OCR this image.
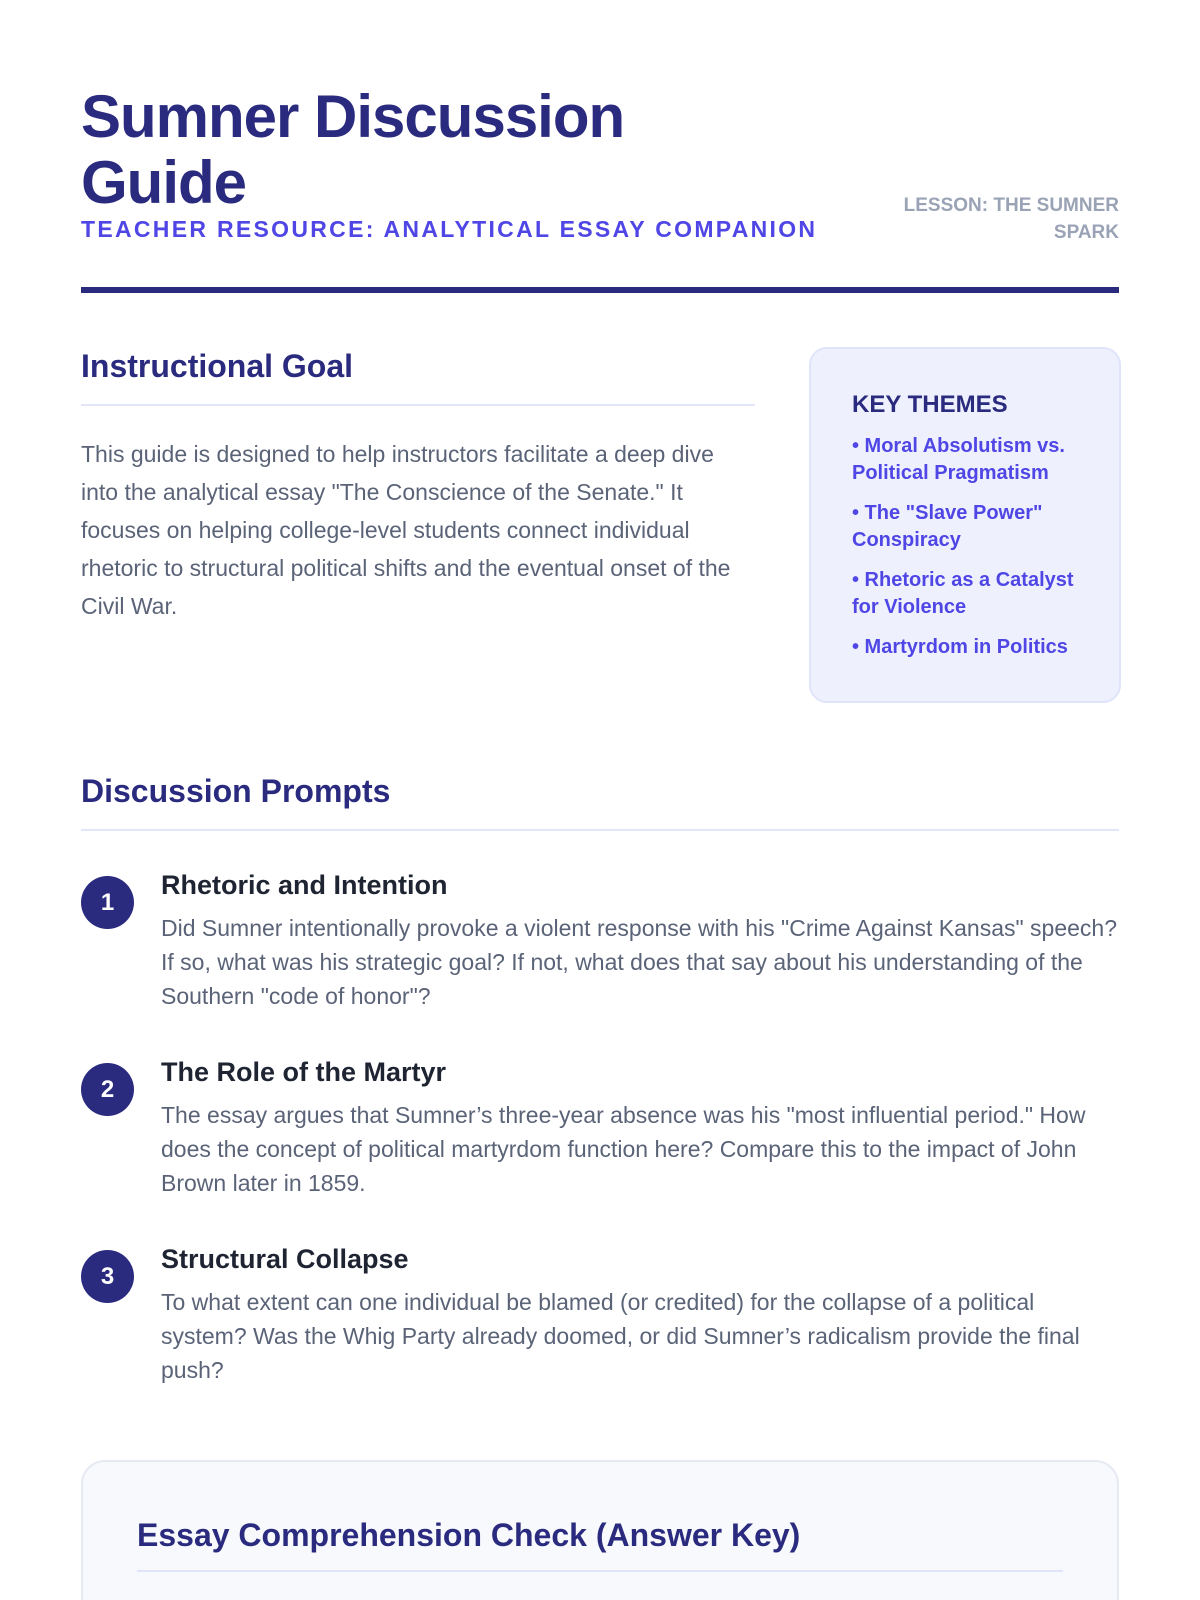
Sumner Discussion Guide
TEACHER RESOURCE: ANALYTICAL ESSAY COMPANION
LESSON: THE SUMNER SPARK
Instructional Goal

This guide is designed to help instructors facilitate a deep dive into the analytical essay "The Conscience of the Senate." It focuses on helping college-level students connect individual rhetoric to structural political shifts and the eventual onset of the Civil War.

KEY THEMES
• Moral Absolutism vs. Political Pragmatism
• The "Slave Power" Conspiracy
• Rhetoric as a Catalyst for Violence
• Martyrdom in Politics
Discussion Prompts
1
Rhetoric and Intention

Did Sumner intentionally provoke a violent response with his "Crime Against Kansas" speech? If so, what was his strategic goal? If not, what does that say about his understanding of the Southern "code of honor"?

2
The Role of the Martyr

The essay argues that Sumner’s three-year absence was his "most influential period." How does the concept of political martyrdom function here? Compare this to the impact of John Brown later in 1859.

3
Structural Collapse

To what extent can one individual be blamed (or credited) for the collapse of a political system? Was the Whig Party already doomed, or did Sumner’s radicalism provide the final push?

Essay Comprehension Check (Answer Key)
